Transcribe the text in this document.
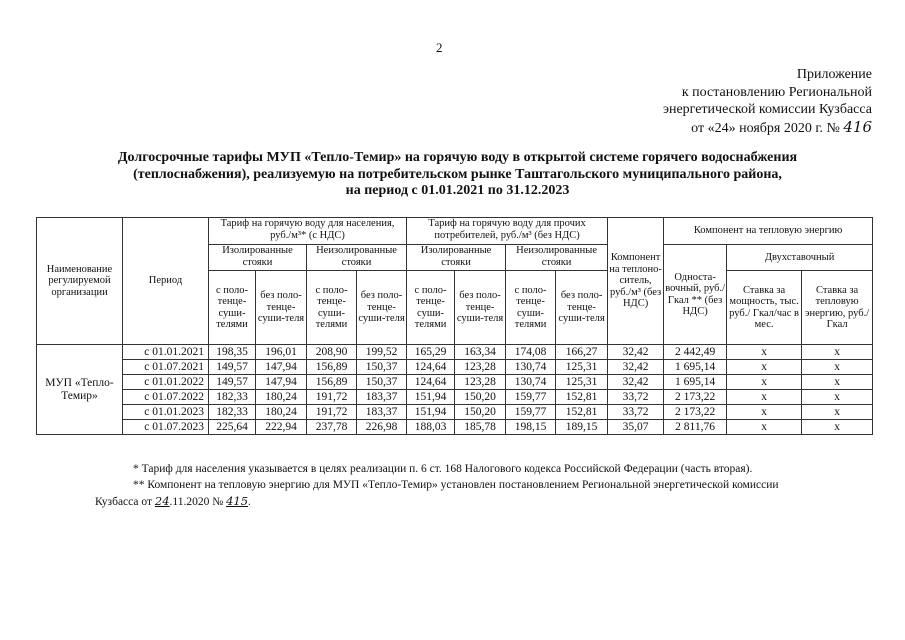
2
Приложение
к постановлению Региональной
энергетической комиссии Кузбасса
от «24» ноября 2020 г. № 416
Долгосрочные тарифы МУП «Тепло-Темир» на горячую воду в открытой системе горячего водоснабжения
(теплоснабжения), реализуемую на потребительском рынке Таштагольского муниципального района,
на период с 01.01.2021 по 31.12.2023
Наименование регулируемой организации	Период	Тариф на горячую воду для населения, руб./м³* (с НДС)				Тариф на горячую воду для прочих потребителей, руб./м³ (без НДС)				Компонент на теплоно-ситель, руб./м³ (без НДС)	Компонент на тепловую энергию		
		Изолированные стояки		Неизолированные стояки		Изолированные стояки		Неизолированные стояки			Односта-вочный, руб./Гкал ** (без НДС)	Двухставочный	
		с поло-тенце-суши-телями	без поло-тенце-суши-теля	с поло-тенце-суши-телями	без поло-тенце-суши-теля	с поло-тенце-суши-телями	без поло-тенце-суши-теля	с поло-тенце-суши-телями	без поло-тенце-суши-теля			Ставка за мощность, тыс. руб./ Гкал/час в мес.	Ставка за тепловую энергию, руб./Гкал
МУП «Тепло-Темир»	с 01.01.2021	198,35	196,01	208,90	199,52	165,29	163,34	174,08	166,27	32,42	2 442,49	х	х
	с 01.07.2021	149,57	147,94	156,89	150,37	124,64	123,28	130,74	125,31	32,42	1 695,14	х	х
	с 01.01.2022	149,57	147,94	156,89	150,37	124,64	123,28	130,74	125,31	32,42	1 695,14	х	х
	с 01.07.2022	182,33	180,24	191,72	183,37	151,94	150,20	159,77	152,81	33,72	2 173,22	х	х
	с 01.01.2023	182,33	180,24	191,72	183,37	151,94	150,20	159,77	152,81	33,72	2 173,22	х	х
	с 01.07.2023	225,64	222,94	237,78	226,98	188,03	185,78	198,15	189,15	35,07	2 811,76	х	х
* Тариф для населения указывается в целях реализации п. 6 ст. 168 Налогового кодекса Российской Федерации (часть вторая).
** Компонент на тепловую энергию для МУП «Тепло-Темир» установлен постановлением Региональной энергетической комиссии
Кузбасса от 24.11.2020 № 415.
